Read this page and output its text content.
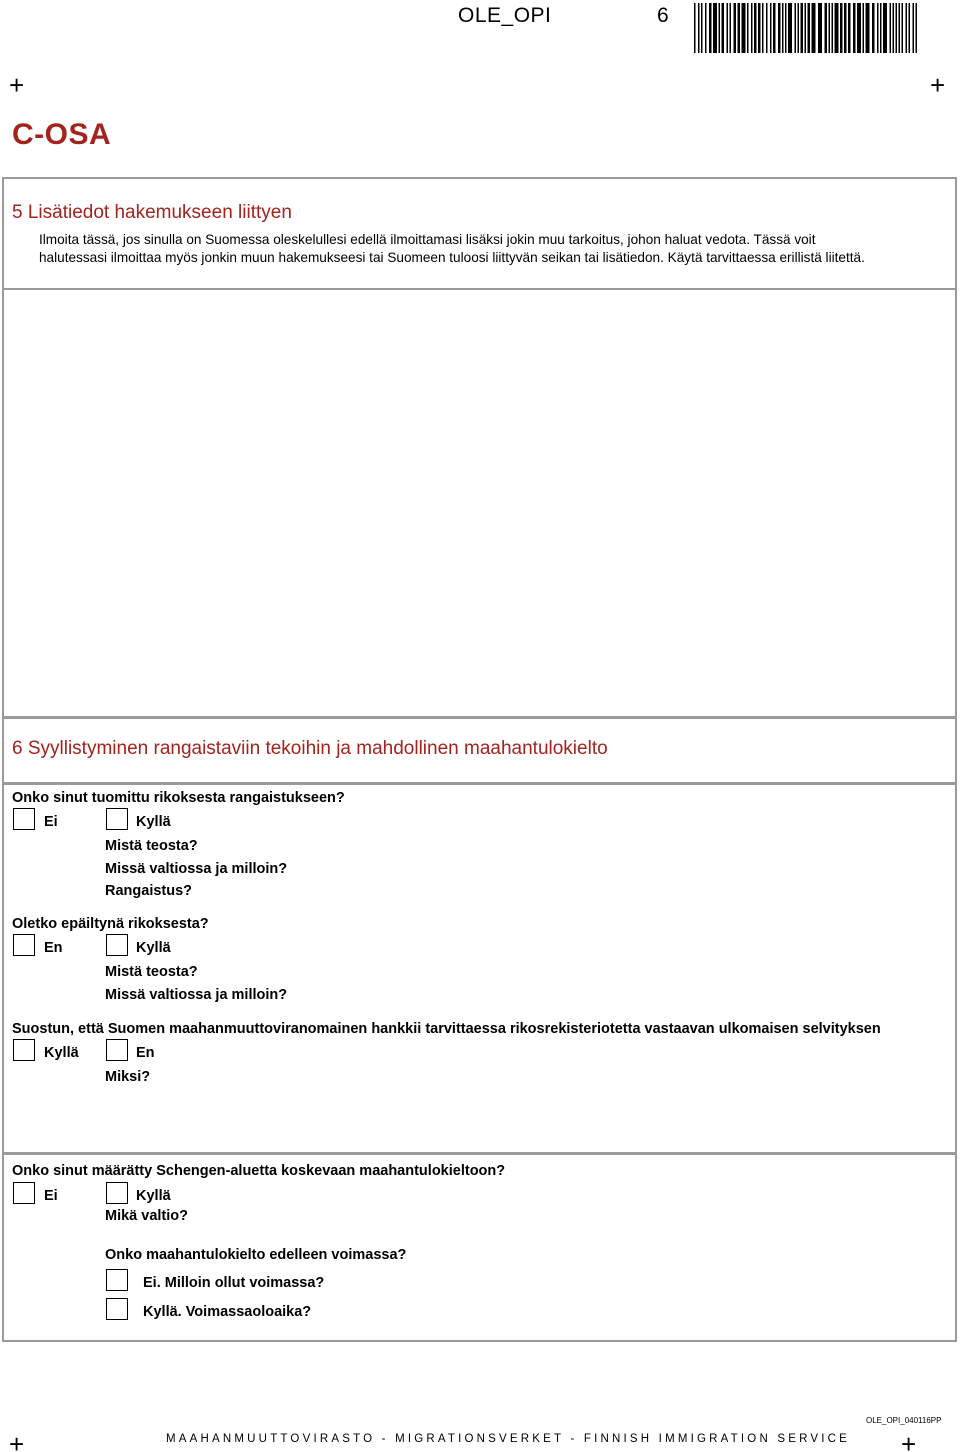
OLE_OPI	6
+	+
+	+
C-OSA
5 Lisätiedot hakemukseen liittyen
Ilmoita tässä, jos sinulla on Suomessa oleskelullesi edellä ilmoittamasi lisäksi jokin muu tarkoitus, johon haluat vedota. Tässä voit
halutessasi ilmoittaa myös jonkin muun hakemukseesi tai Suomeen tuloosi liittyvän seikan tai lisätiedon. Käytä tarvittaessa erillistä liitettä.
6 Syyllistyminen rangaistaviin tekoihin ja mahdollinen maahantulokielto
Onko sinut tuomittu rikoksesta rangaistukseen?
Ei	Kyllä
Mistä teosta?
Missä valtiossa ja milloin?
Rangaistus?
Oletko epäiltynä rikoksesta?
En	Kyllä
Mistä teosta?
Missä valtiossa ja milloin?
Suostun, että Suomen maahanmuuttoviranomainen hankkii tarvittaessa rikosrekisteriotetta vastaavan ulkomaisen selvityksen
Kyllä	En
Miksi?
Onko sinut määrätty Schengen-aluetta koskevaan maahantulokieltoon?
Ei	Kyllä
Mikä valtio?
Onko maahantulokielto edelleen voimassa?
Ei. Milloin ollut voimassa?
Kyllä. Voimassaoloaika?
OLE_OPI_040116PP
MAAHANMUUTTOVIRASTO - MIGRATIONSVERKET - FINNISH IMMIGRATION SERVICE
